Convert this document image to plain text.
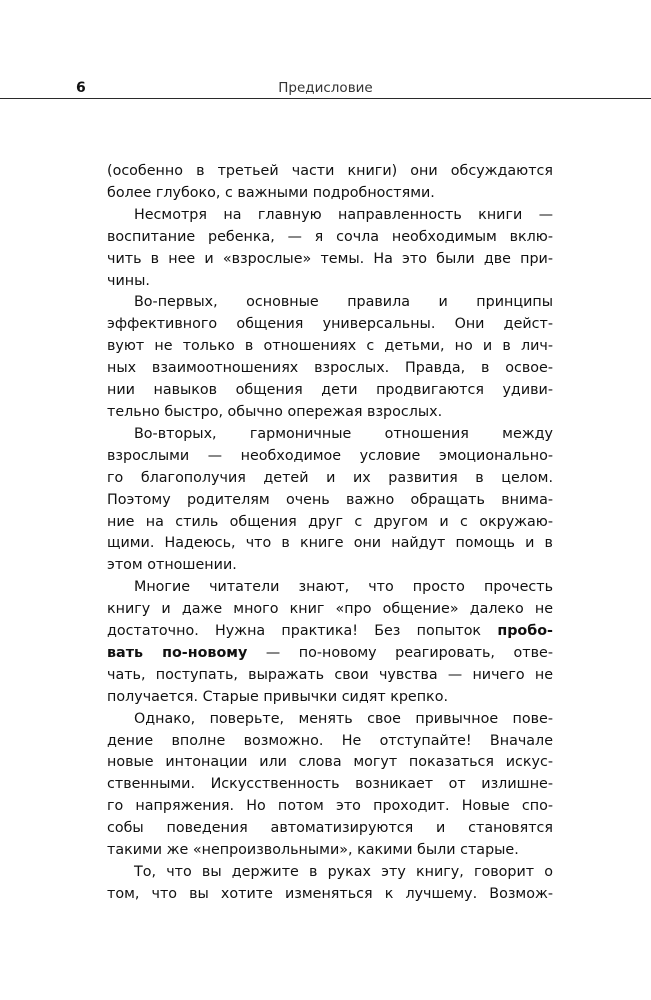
6	Предисловие

(особенно в третьей части книги) они обсуждаются
более глубоко, с важными подробностями.

Несмотря на главную направленность книги —
воспитание ребенка, — я сочла необходимым вклю-
чить в нее и «взрослые» темы. На это были две при-
чины.

Во-первых, основные правила и принципы
эффективного общения универсальны. Они дейст-
вуют не только в отношениях с детьми, но и в лич-
ных взаимоотношениях взрослых. Правда, в освое-
нии навыков общения дети продвигаются удиви-
тельно быстро, обычно опережая взрослых.

Во-вторых, гармоничные отношения между
взрослыми — необходимое условие эмоционально-
го благополучия детей и их развития в целом.
Поэтому родителям очень важно обращать внима-
ние на стиль общения друг с другом и с окружаю-
щими. Надеюсь, что в книге они найдут помощь и в
этом отношении.

Многие читатели знают, что просто прочесть
книгу и даже много книг «про общение» далеко не
достаточно. Нужна практика! Без попыток пробо-
вать по-новому — по-новому реагировать, отве-
чать, поступать, выражать свои чувства — ничего не
получается. Старые привычки сидят крепко.

Однако, поверьте, менять свое привычное пове-
дение вполне возможно. Не отступайте! Вначале
новые интонации или слова могут показаться искус-
ственными. Искусственность возникает от излишне-
го напряжения. Но потом это проходит. Новые спо-
собы поведения автоматизируются и становятся
такими же «непроизвольными», какими были старые.

То, что вы держите в руках эту книгу, говорит о
том, что вы хотите изменяться к лучшему. Возмож-
